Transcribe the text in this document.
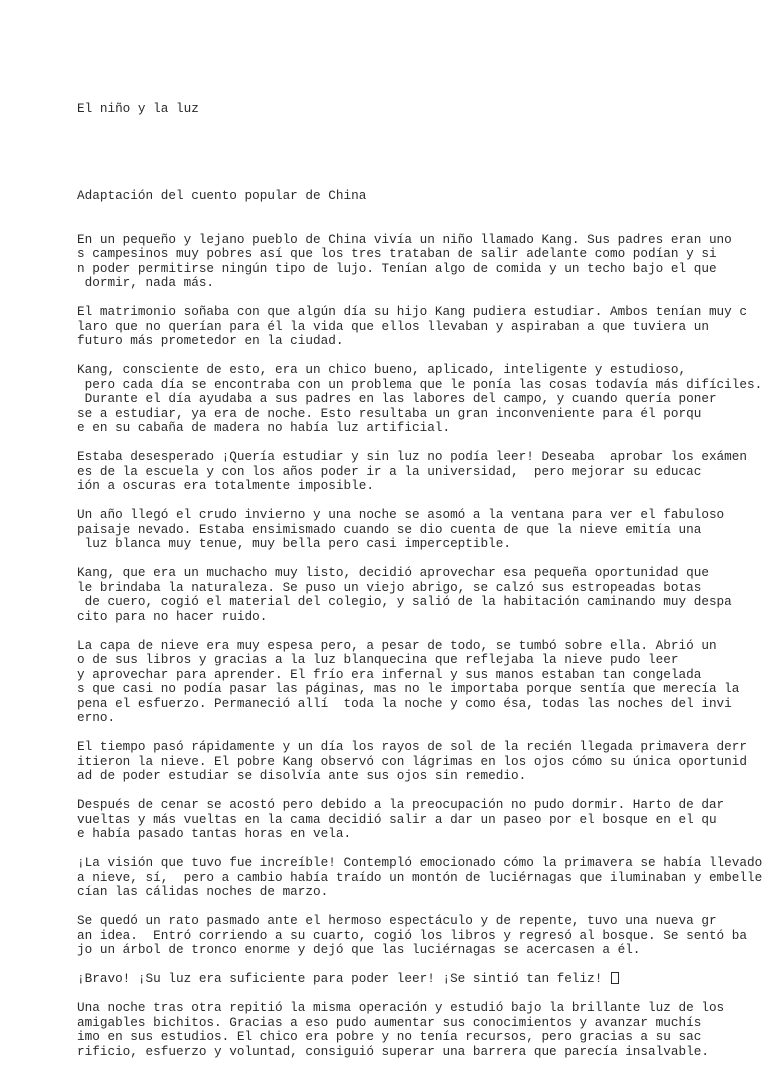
El niño y la luz

Adaptación del cuento popular de China

En un pequeño y lejano pueblo de China vivía un niño llamado Kang. Sus padres eran uno
s campesinos muy pobres así que los tres trataban de salir adelante como podían y si
n poder permitirse ningún tipo de lujo. Tenían algo de comida y un techo bajo el que
dormir, nada más.
El matrimonio soñaba con que algún día su hijo Kang pudiera estudiar. Ambos tenían muy c
laro que no querían para él la vida que ellos llevaban y aspiraban a que tuviera un
futuro más prometedor en la ciudad.
Kang, consciente de esto, era un chico bueno, aplicado, inteligente y estudioso,
pero cada día se encontraba con un problema que le ponía las cosas todavía más difíciles.
Durante el día ayudaba a sus padres en las labores del campo, y cuando quería poner
se a estudiar, ya era de noche. Esto resultaba un gran inconveniente para él porqu
e en su cabaña de madera no había luz artificial.
Estaba desesperado ¡Quería estudiar y sin luz no podía leer! Deseaba  aprobar los exámen
es de la escuela y con los años poder ir a la universidad,  pero mejorar su educac
ión a oscuras era totalmente imposible.
Un año llegó el crudo invierno y una noche se asomó a la ventana para ver el fabuloso
paisaje nevado. Estaba ensimismado cuando se dio cuenta de que la nieve emitía una
luz blanca muy tenue, muy bella pero casi imperceptible.
Kang, que era un muchacho muy listo, decidió aprovechar esa pequeña oportunidad que
le brindaba la naturaleza. Se puso un viejo abrigo, se calzó sus estropeadas botas
de cuero, cogió el material del colegio, y salió de la habitación caminando muy despa
cito para no hacer ruido.
La capa de nieve era muy espesa pero, a pesar de todo, se tumbó sobre ella. Abrió un
o de sus libros y gracias a la luz blanquecina que reflejaba la nieve pudo leer
y aprovechar para aprender. El frío era infernal y sus manos estaban tan congelada
s que casi no podía pasar las páginas, mas no le importaba porque sentía que merecía la
pena el esfuerzo. Permaneció allí  toda la noche y como ésa, todas las noches del invi
erno.
El tiempo pasó rápidamente y un día los rayos de sol de la recién llegada primavera derr
itieron la nieve. El pobre Kang observó con lágrimas en los ojos cómo su única oportunid
ad de poder estudiar se disolvía ante sus ojos sin remedio.
Después de cenar se acostó pero debido a la preocupación no pudo dormir. Harto de dar
vueltas y más vueltas en la cama decidió salir a dar un paseo por el bosque en el qu
e había pasado tantas horas en vela.
¡La visión que tuvo fue increíble! Contempló emocionado cómo la primavera se había llevado
a nieve, sí,  pero a cambio había traído un montón de luciérnagas que iluminaban y embelle
cían las cálidas noches de marzo.
Se quedó un rato pasmado ante el hermoso espectáculo y de repente, tuvo una nueva gr
an idea.  Entró corriendo a su cuarto, cogió los libros y regresó al bosque. Se sentó ba
jo un árbol de tronco enorme y dejó que las luciérnagas se acercasen a él.
¡Bravo! ¡Su luz era suficiente para poder leer! ¡Se sintió tan feliz!
Una noche tras otra repitió la misma operación y estudió bajo la brillante luz de los
amigables bichitos. Gracias a eso pudo aumentar sus conocimientos y avanzar muchís
imo en sus estudios. El chico era pobre y no tenía recursos, pero gracias a su sac
rificio, esfuerzo y voluntad, consiguió superar una barrera que parecía insalvable.
